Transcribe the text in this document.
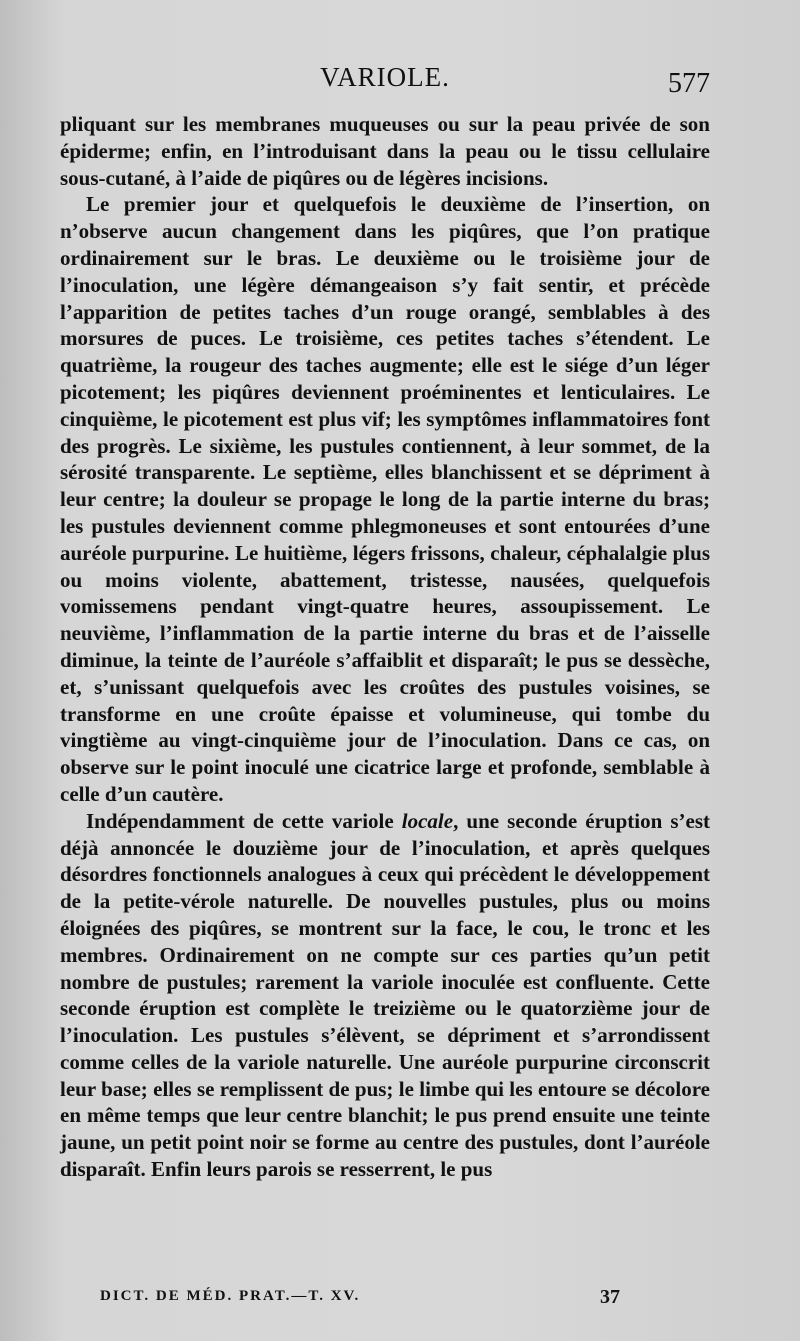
VARIOLE.	577

pliquant sur les membranes muqueuses ou sur la peau privée de son épiderme; enfin, en l’introduisant dans la peau ou le tissu cellulaire sous-cutané, à l’aide de piqûres ou de légères incisions.

Le premier jour et quelquefois le deuxième de l’insertion, on n’observe aucun changement dans les piqûres, que l’on pratique ordinairement sur le bras. Le deuxième ou le troisième jour de l’inoculation, une légère démangeaison s’y fait sentir, et précède l’apparition de petites taches d’un rouge orangé, semblables à des morsures de puces. Le troisième, ces petites taches s’étendent. Le quatrième, la rougeur des taches augmente; elle est le siége d’un léger picotement; les piqûres deviennent proéminentes et lenticulaires. Le cinquième, le picotement est plus vif; les symptômes inflammatoires font des progrès. Le sixième, les pustules contiennent, à leur sommet, de la sérosité transparente. Le septième, elles blanchissent et se dépriment à leur centre; la douleur se propage le long de la partie interne du bras; les pustules deviennent comme phlegmoneuses et sont entourées d’une auréole purpurine. Le huitième, légers frissons, chaleur, céphalalgie plus ou moins violente, abattement, tristesse, nausées, quelquefois vomissemens pendant vingt-quatre heures, assoupissement. Le neuvième, l’inflammation de la partie interne du bras et de l’aisselle diminue, la teinte de l’auréole s’affaiblit et disparaît; le pus se dessèche, et, s’unissant quelquefois avec les croûtes des pustules voisines, se transforme en une croûte épaisse et volumineuse, qui tombe du vingtième au vingt-cinquième jour de l’inoculation. Dans ce cas, on observe sur le point inoculé une cicatrice large et profonde, semblable à celle d’un cautère.

Indépendamment de cette variole locale, une seconde éruption s’est déjà annoncée le douzième jour de l’inoculation, et après quelques désordres fonctionnels analogues à ceux qui précèdent le développement de la petite-vérole naturelle. De nouvelles pustules, plus ou moins éloignées des piqûres, se montrent sur la face, le cou, le tronc et les membres. Ordinairement on ne compte sur ces parties qu’un petit nombre de pustules; rarement la variole inoculée est confluente. Cette seconde éruption est complète le treizième ou le quatorzième jour de l’inoculation. Les pustules s’élèvent, se dépriment et s’arrondissent comme celles de la variole naturelle. Une auréole purpurine circonscrit leur base; elles se remplissent de pus; le limbe qui les entoure se décolore en même temps que leur centre blanchit; le pus prend ensuite une teinte jaune, un petit point noir se forme au centre des pustules, dont l’auréole disparaît. Enfin leurs parois se resserrent, le pus

DICT. DE MÉD. PRAT.—T. XV.	37
